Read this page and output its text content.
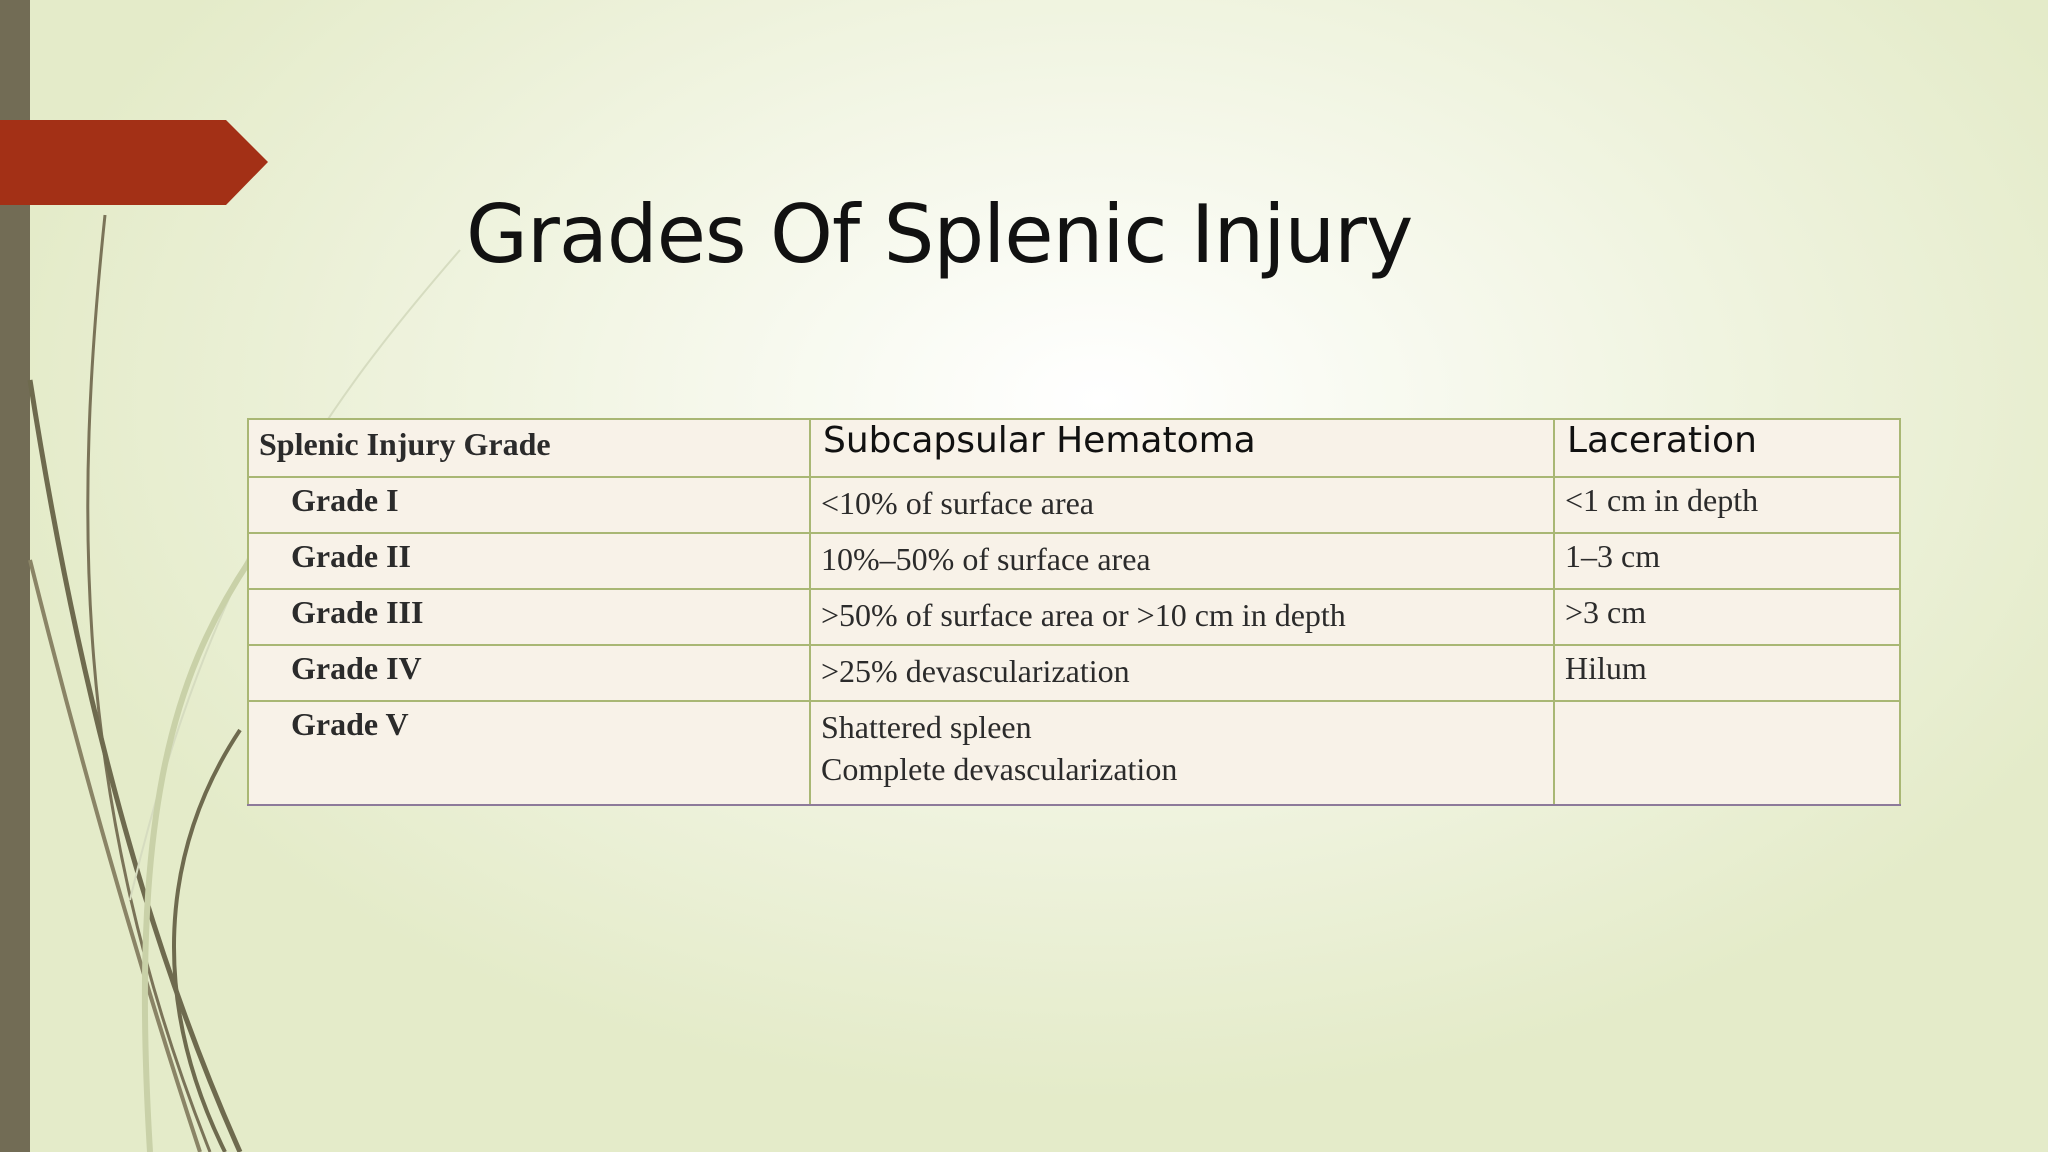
Grades Of Splenic Injury
Splenic Injury Grade	Subcapsular Hematoma	Laceration
Grade I	<10% of surface area	<1 cm in depth
Grade II	10%–50% of surface area	1–3 cm
Grade III	>50% of surface area or >10 cm in depth	>3 cm
Grade IV	>25% devascularization	Hilum
Grade V	Shattered spleen
Complete devascularization	
